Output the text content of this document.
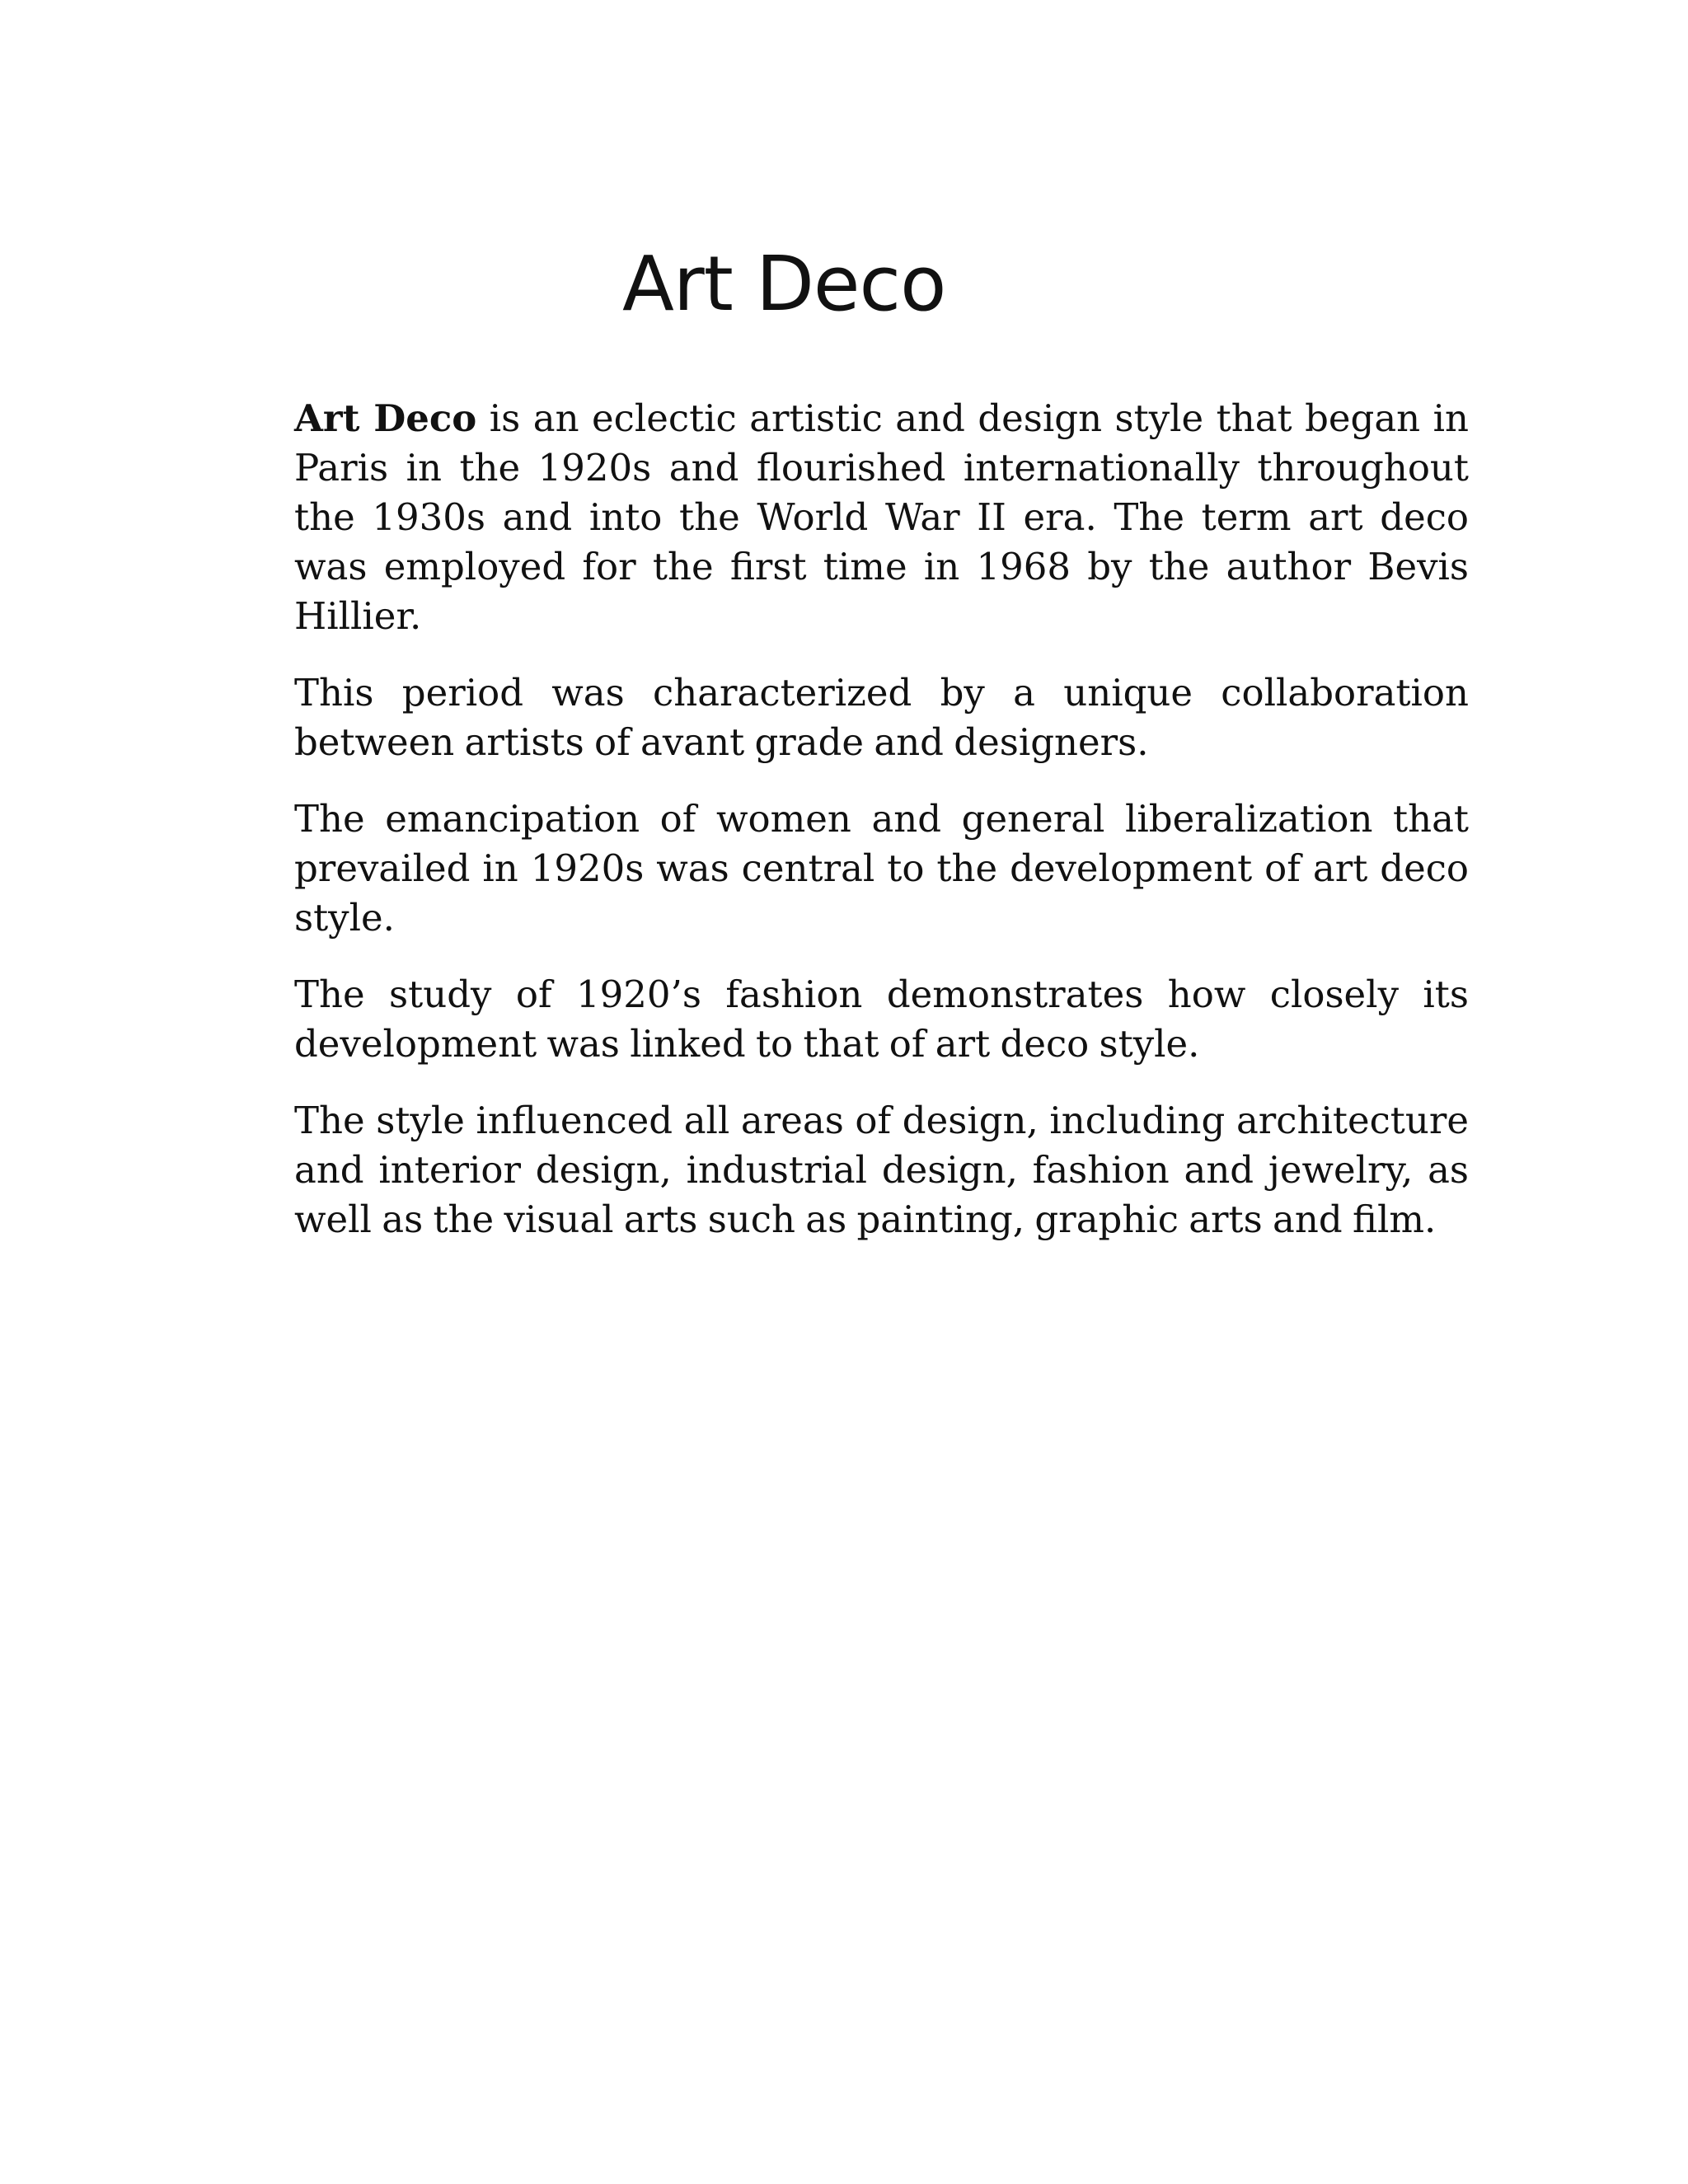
Art Deco

Art Deco is an eclectic artistic and design style that began in Paris in the 1920s and flourished internationally throughout the 1930s and into the World War II era. The term art deco was employed for the first time in 1968 by the author Bevis Hillier.

This period was characterized by a unique collaboration between artists of avant grade and designers.

The emancipation of women and general liberalization that prevailed in 1920s was central to the development of art deco style.

The study of 1920’s fashion demonstrates how closely its development was linked to that of art deco style.

The style influenced all areas of design, including architecture and interior design, industrial design, fashion and jewelry, as well as the visual arts such as painting, graphic arts and film.
